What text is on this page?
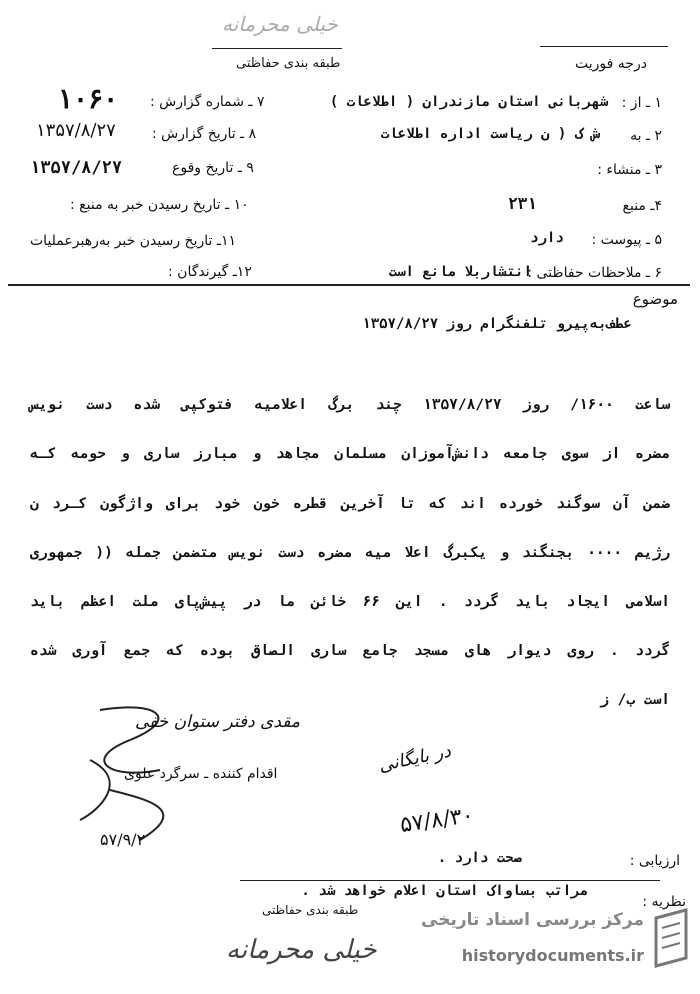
خیلی محرمانه
طبقه بندی حفاظتی	درجه فوریت
۷ ـ شماره گزارش :
۱۰۶۰
۸ ـ تاریخ گزارش :
۱۳۵۷/۸/۲۷
۹ ـ تاریخ وقوع
۱۳۵۷/۸/۲۷
۱۰ ـ تاریخ رسیدن خبر به منبع :
۱۱ـ تاریخ رسیدن خبر به‌رهبرعملیات
۱۲ـ گیرندگان :
۱ ـ از :
شهربانی استان مازندران ( اطلاعات )
۲ ـ به
ش ک ( ن ریاست اداره اطلاعات
۳ ـ منشاء :
۴ـ منبع
۲۳۱
۵ ـ پیوست :
دارد
۶ ـ ملاحظات حفاظتی :
انتشاربلا مانع است
موضوع
عطف‌به‌پیرو تلفنگرام روز ۱۳۵۷/۸/۲۷
ساعت ۱۶۰۰/ روز ۱۳۵۷/۸/۲۷ چند برگ اعلامیه فتوکپی شده دست نویس
مضره از سوی جامعه دانش‌آموزان مسلمان مجاهد و مبارز ساری و حومه کـه
ضمن آن سوگند خورده اند که تا آخرین قطره خون خود برای واژگون کـرد ن
رژیم ۰۰۰۰ بجنگند و یکبرگ اعلا میه مضره دست نویس متضمن جمله (( جمهوری
اسلامی ایجاد باید گردد . این ۶۶ خائن ما در پیش‌پای ملت اعظم باید
گردد . روی دیوار های مسجد جامع ساری الصاق بوده که جمع آوری شده
است ب/ ز
مقدی دفتر ستوان خفی
اقدام کننده ـ سرگرد علوی
۵۷/۹/۲
در بایگانی
۵۷/۸/۳۰
ارزیابی :
صحت دارد .
نظریه :
مراتب بساواک استان اعلام خواهد شد .
طبقه بندی حفاظتی
خیلی محرمانه
مرکز بررسی اسناد تاریخی
historydocuments.ir
